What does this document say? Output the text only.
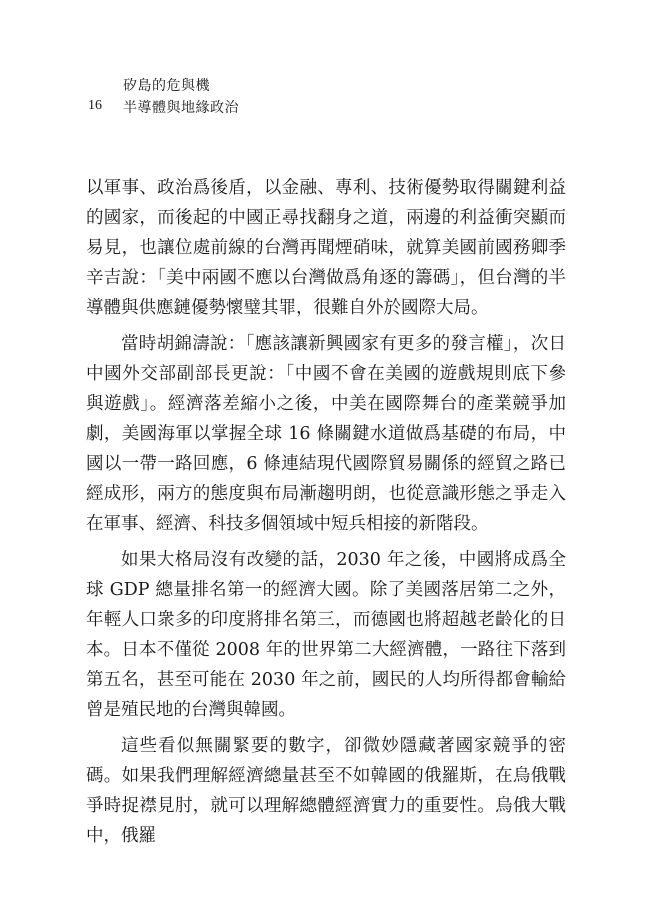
矽島的危與機
16 半導體與地緣政治

以軍事、政治爲後盾，以金融、專利、技術優勢取得關鍵利益的國家，而後起的中國正尋找翻身之道，兩邊的利益衝突顯而易見，也讓位處前線的台灣再聞煙硝味，就算美國前國務卿季辛吉說：「美中兩國不應以台灣做爲角逐的籌碼」，但台灣的半導體與供應鏈優勢懷璧其罪，很難自外於國際大局。

當時胡錦濤說：「應該讓新興國家有更多的發言權」，次日中國外交部副部長更說：「中國不會在美國的遊戲規則底下參與遊戲」。經濟落差縮小之後，中美在國際舞台的產業競爭加劇，美國海軍以掌握全球 16 條關鍵水道做爲基礎的布局，中國以一帶一路回應，6 條連結現代國際貿易關係的經貿之路已經成形，兩方的態度與布局漸趨明朗，也從意識形態之爭走入在軍事、經濟、科技多個領域中短兵相接的新階段。

如果大格局沒有改變的話，2030 年之後，中國將成爲全球 GDP 總量排名第一的經濟大國。除了美國落居第二之外，年輕人口衆多的印度將排名第三，而德國也將超越老齡化的日本。日本不僅從 2008 年的世界第二大經濟體，一路往下落到第五名，甚至可能在 2030 年之前，國民的人均所得都會輸給曾是殖民地的台灣與韓國。

這些看似無關緊要的數字，卻微妙隱藏著國家競爭的密碼。如果我們理解經濟總量甚至不如韓國的俄羅斯，在烏俄戰爭時捉襟見肘，就可以理解總體經濟實力的重要性。烏俄大戰中，俄羅
